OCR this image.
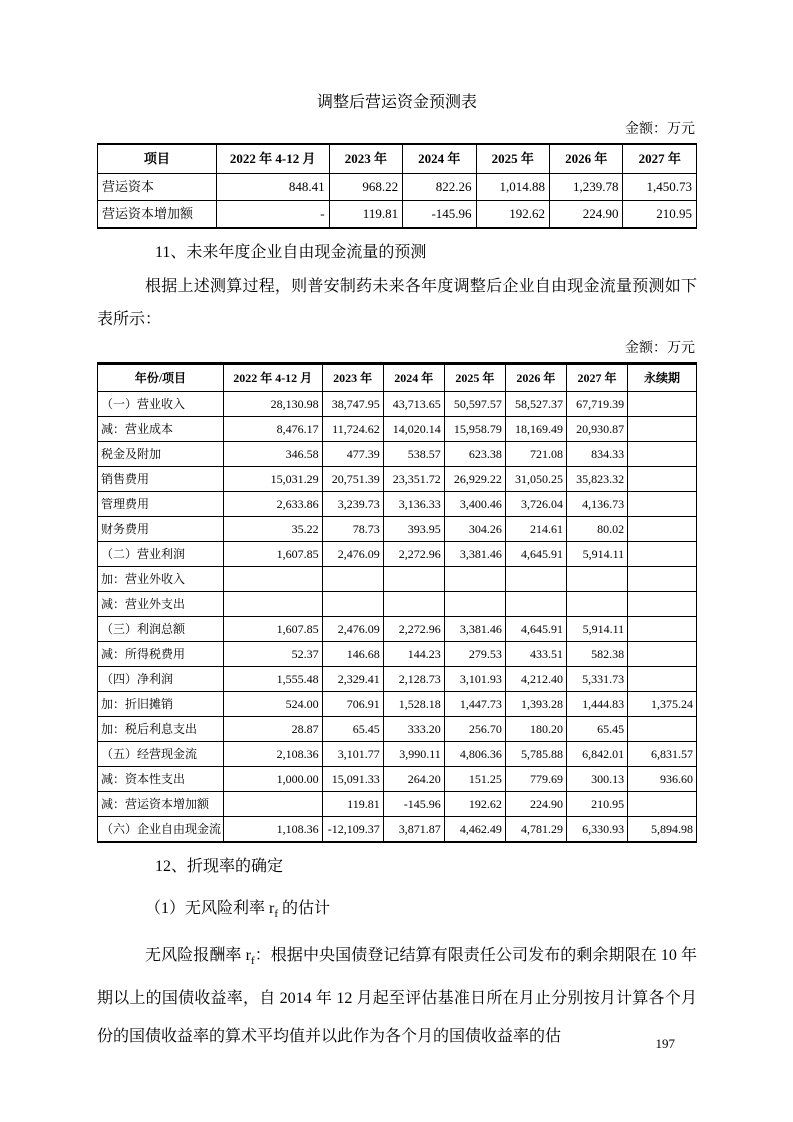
调整后营运资金预测表
金额：万元
项目	2022 年 4-12 月	2023 年	2024 年	2025 年	2026 年	2027 年
营运资本	848.41	968.22	822.26	1,014.88	1,239.78	1,450.73
营运资本增加额	-	119.81	-145.96	192.62	224.90	210.95
11、未来年度企业自由现金流量的预测

根据上述测算过程，则普安制药未来各年度调整后企业自由现金流量预测如下表所示：

金额：万元
年份/项目	2022 年 4-12 月	2023 年	2024 年	2025 年	2026 年	2027 年	永续期
（一）营业收入	28,130.98	38,747.95	43,713.65	50,597.57	58,527.37	67,719.39	
减：营业成本	8,476.17	11,724.62	14,020.14	15,958.79	18,169.49	20,930.87	
税金及附加	346.58	477.39	538.57	623.38	721.08	834.33	
销售费用	15,031.29	20,751.39	23,351.72	26,929.22	31,050.25	35,823.32	
管理费用	2,633.86	3,239.73	3,136.33	3,400.46	3,726.04	4,136.73	
财务费用	35.22	78.73	393.95	304.26	214.61	80.02	
（二）营业利润	1,607.85	2,476.09	2,272.96	3,381.46	4,645.91	5,914.11	
加：营业外收入							
减：营业外支出							
（三）利润总额	1,607.85	2,476.09	2,272.96	3,381.46	4,645.91	5,914.11	
减：所得税费用	52.37	146.68	144.23	279.53	433.51	582.38	
（四）净利润	1,555.48	2,329.41	2,128.73	3,101.93	4,212.40	5,331.73	
加：折旧摊销	524.00	706.91	1,528.18	1,447.73	1,393.28	1,444.83	1,375.24
加：税后利息支出	28.87	65.45	333.20	256.70	180.20	65.45	
（五）经营现金流	2,108.36	3,101.77	3,990.11	4,806.36	5,785.88	6,842.01	6,831.57
减：资本性支出	1,000.00	15,091.33	264.20	151.25	779.69	300.13	936.60
减：营运资本增加额		119.81	-145.96	192.62	224.90	210.95	
（六）企业自由现金流	1,108.36	-12,109.37	3,871.87	4,462.49	4,781.29	6,330.93	5,894.98
12、折现率的确定
（1）无风险利率 $r_f$ 的估计

无风险报酬率 $r_f$：根据中央国债登记结算有限责任公司发布的剩余期限在 10 年期以上的国债收益率，自 2014 年 12 月起至评估基准日所在月止分别按月计算各个月份的国债收益率的算术平均值并以此作为各个月的国债收益率的估	197
